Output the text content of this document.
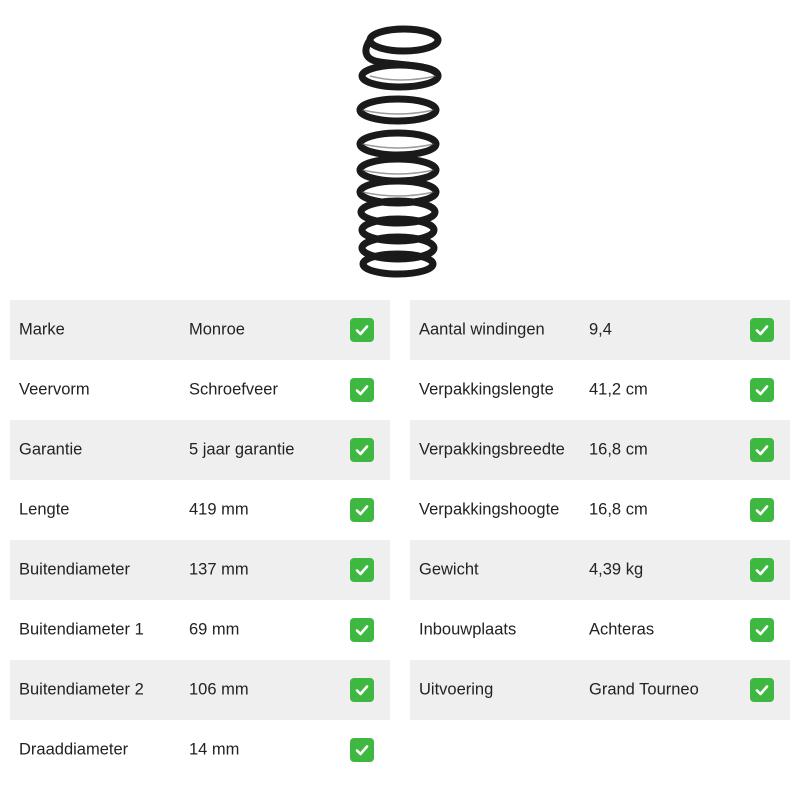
Marke	Monroe
Veervorm	Schroefveer
Garantie	5 jaar garantie
Lengte	419 mm
Buitendiameter	137 mm
Buitendiameter 1	69 mm
Buitendiameter 2	106 mm
Draaddiameter	14 mm
Aantal windingen	9,4
Verpakkingslengte 41,2 cm
Verpakkingsbreedte 16,8 cm
Verpakkingshoogte 16,8 cm
Gewicht	4,39 kg
Inbouwplaats	Achteras
Uitvoering	Grand Tourneo
